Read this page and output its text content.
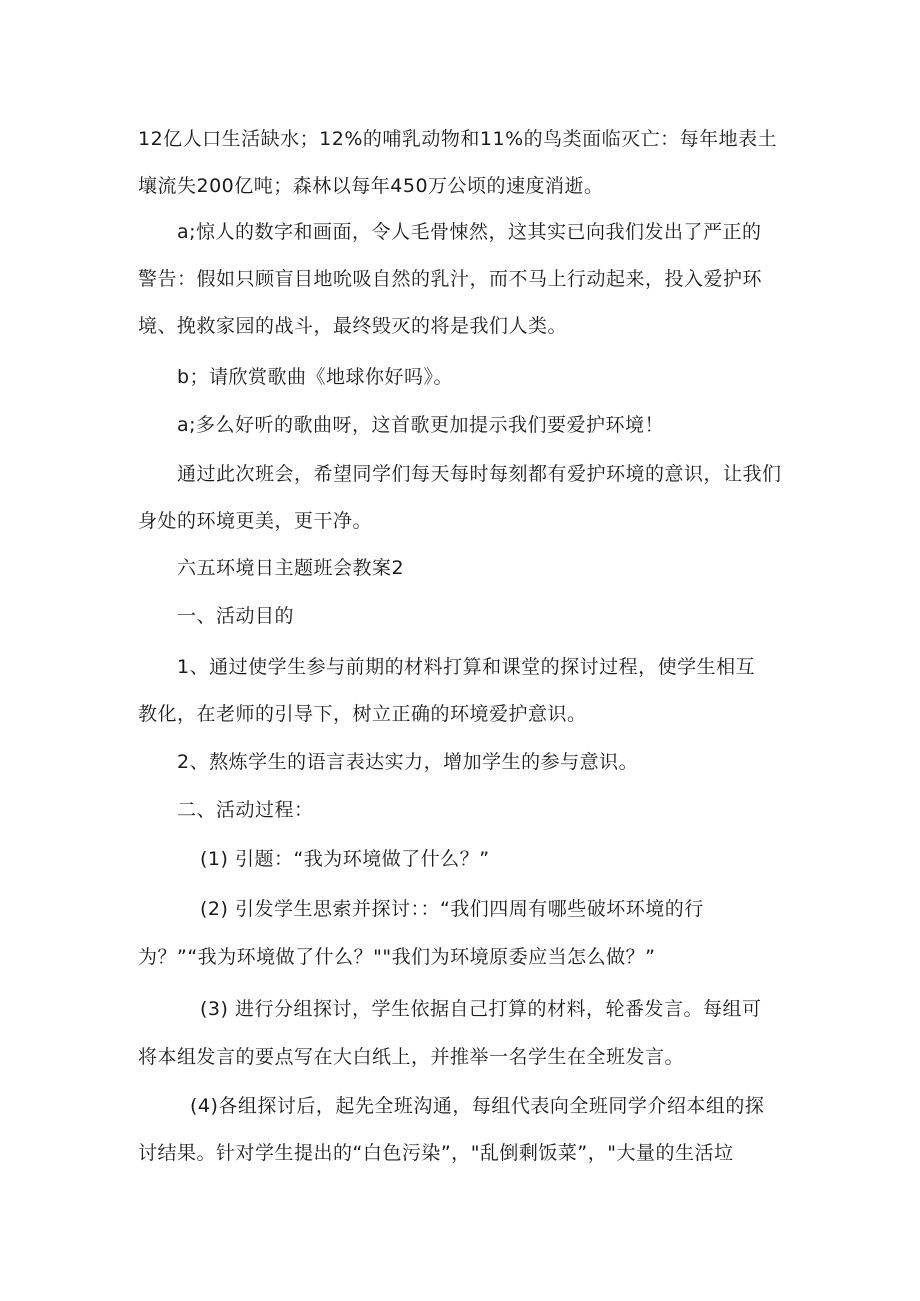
12亿人口生活缺水；12%的哺乳动物和11%的鸟类面临灭亡：每年地表土
壤流失200亿吨；森林以每年450万公顷的速度消逝。
a;惊人的数字和画面，令人毛骨悚然，这其实已向我们发出了严正的
警告：假如只顾盲目地吮吸自然的乳汁，而不马上行动起来，投入爱护环
境、挽救家园的战斗，最终毁灭的将是我们人类。
b；请欣赏歌曲《地球你好吗》。
a;多么好听的歌曲呀，这首歌更加提示我们要爱护环境！
通过此次班会，希望同学们每天每时每刻都有爱护环境的意识，让我们
身处的环境更美，更干净。
六五环境日主题班会教案2
一、活动目的
1、通过使学生参与前期的材料打算和课堂的探讨过程，使学生相互
教化，在老师的引导下，树立正确的环境爱护意识。
2、熬炼学生的语言表达实力，增加学生的参与意识。
二、活动过程：
(1) 引题：“我为环境做了什么？”
(2) 引发学生思索并探讨：：“我们四周有哪些破坏环境的行
为？”“我为环境做了什么？""我们为环境原委应当怎么做？”
(3) 进行分组探讨，学生依据自己打算的材料，轮番发言。每组可
将本组发言的要点写在大白纸上，并推举一名学生在全班发言。
(4)各组探讨后，起先全班沟通，每组代表向全班同学介绍本组的探
讨结果。针对学生提出的“白色污染”，"乱倒剩饭菜”，"大量的生活垃
